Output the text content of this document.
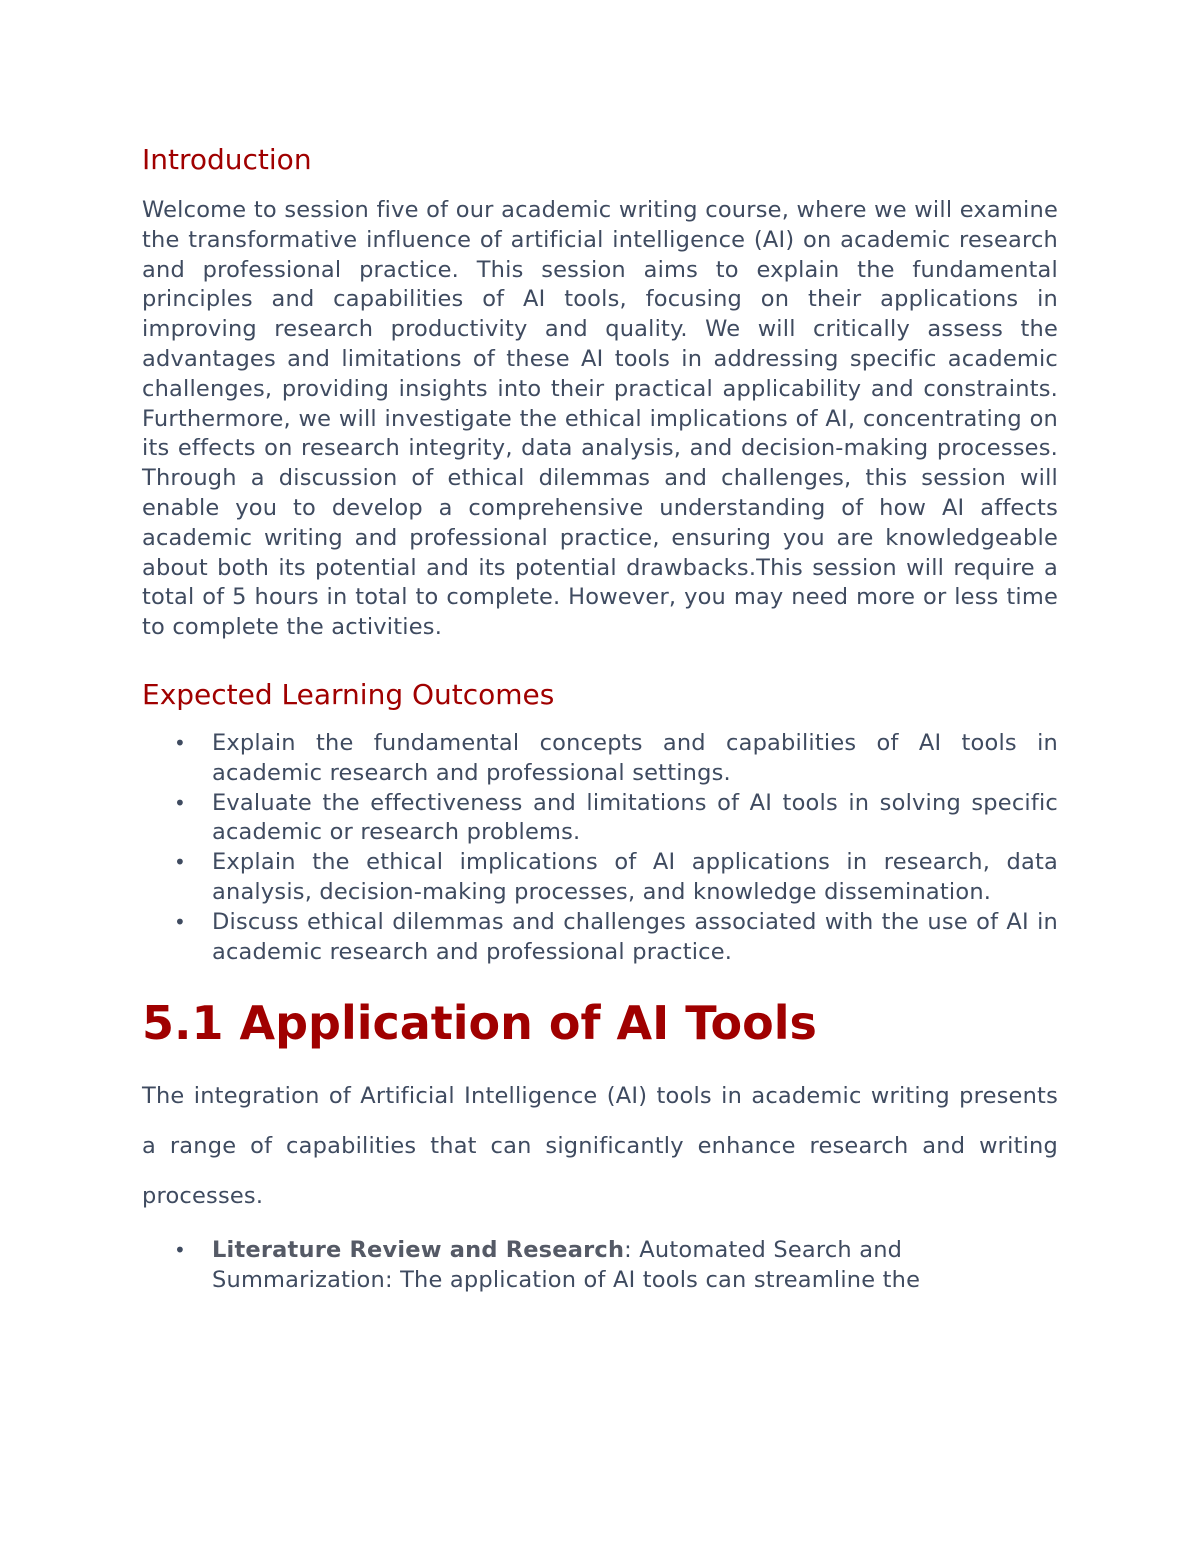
Introduction

Welcome to session five of our academic writing course, where we will examine the transformative influence of artificial intelligence (AI) on academic research and professional practice. This session aims to explain the fundamental principles and capabilities of AI tools, focusing on their applications in improving research productivity and quality. We will critically assess the advantages and limitations of these AI tools in addressing specific academic challenges, providing insights into their practical applicability and constraints. Furthermore, we will investigate the ethical implications of AI, concentrating on its effects on research integrity, data analysis, and decision-making processes. Through a discussion of ethical dilemmas and challenges, this session will enable you to develop a comprehensive understanding of how AI affects academic writing and professional practice, ensuring you are knowledgeable about both its potential and its potential drawbacks.This session will require a total of 5 hours in total to complete. However, you may need more or less time to complete the activities.

Expected Learning Outcomes
• Explain the fundamental concepts and capabilities of AI tools in academic research and professional settings.
• Evaluate the effectiveness and limitations of AI tools in solving specific academic or research problems.
• Explain the ethical implications of AI applications in research, data analysis, decision-making processes, and knowledge dissemination.
• Discuss ethical dilemmas and challenges associated with the use of AI in academic research and professional practice.
5.1 Application of AI Tools

The integration of Artificial Intelligence (AI) tools in academic writing presents a range of capabilities that can significantly enhance research and writing processes.

• Literature Review and Research: Automated Search and Summarization: The application of AI tools can streamline the
